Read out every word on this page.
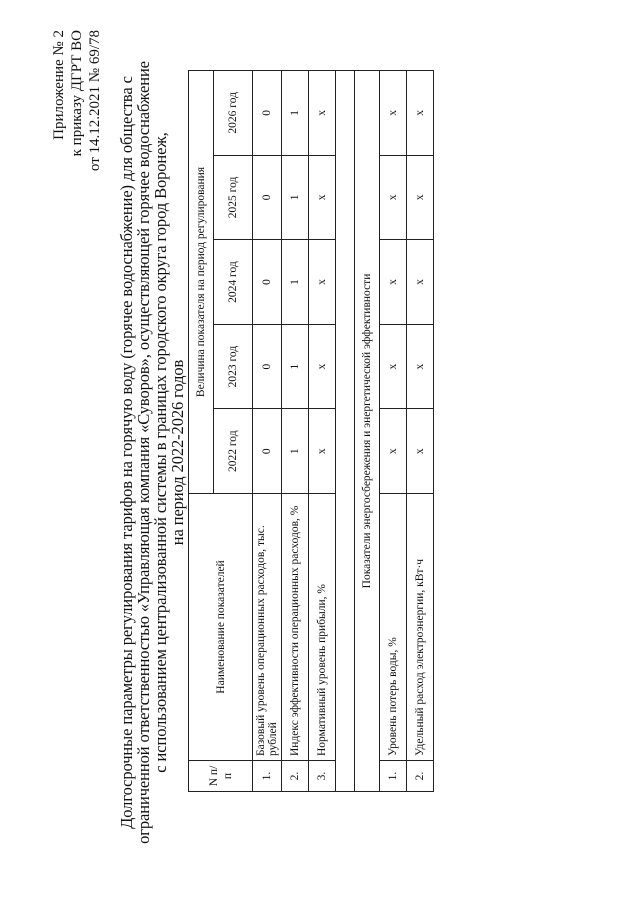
Приложение № 2 к приказу ДГРТ ВО от 14.12.2021 № 69/78 Долгосрочные параметры регулирования тарифов на горячую воду (горячее водоснабжение) для общества с
ограниченной ответственностью «Управляющая компания «Суворов», осуществляющей горячее водоснабжение
с использованием централизованной системы в границах городского округа город Воронеж,
на период 2022-2026 годов
N п/п	Наименование показателей	Величина показателя на период регулирования				
		2022 год	2023 год	2024 год	2025 год	2026 год
1.	Базовый уровень операционных расходов, тыс. рублей	0	0	0	0	0
2.	Индекс эффективности операционных расходов, %	1	1	1	1	1
3.	Нормативный уровень прибыли, %	х	х	х	х	х

Показатели энергосбережения и энергетической эффективности						
1.	Уровень потерь воды, %	х	х	х	х	х
2.	Удельный расход электроэнергии, кВт·ч	х	х	х	х	х
